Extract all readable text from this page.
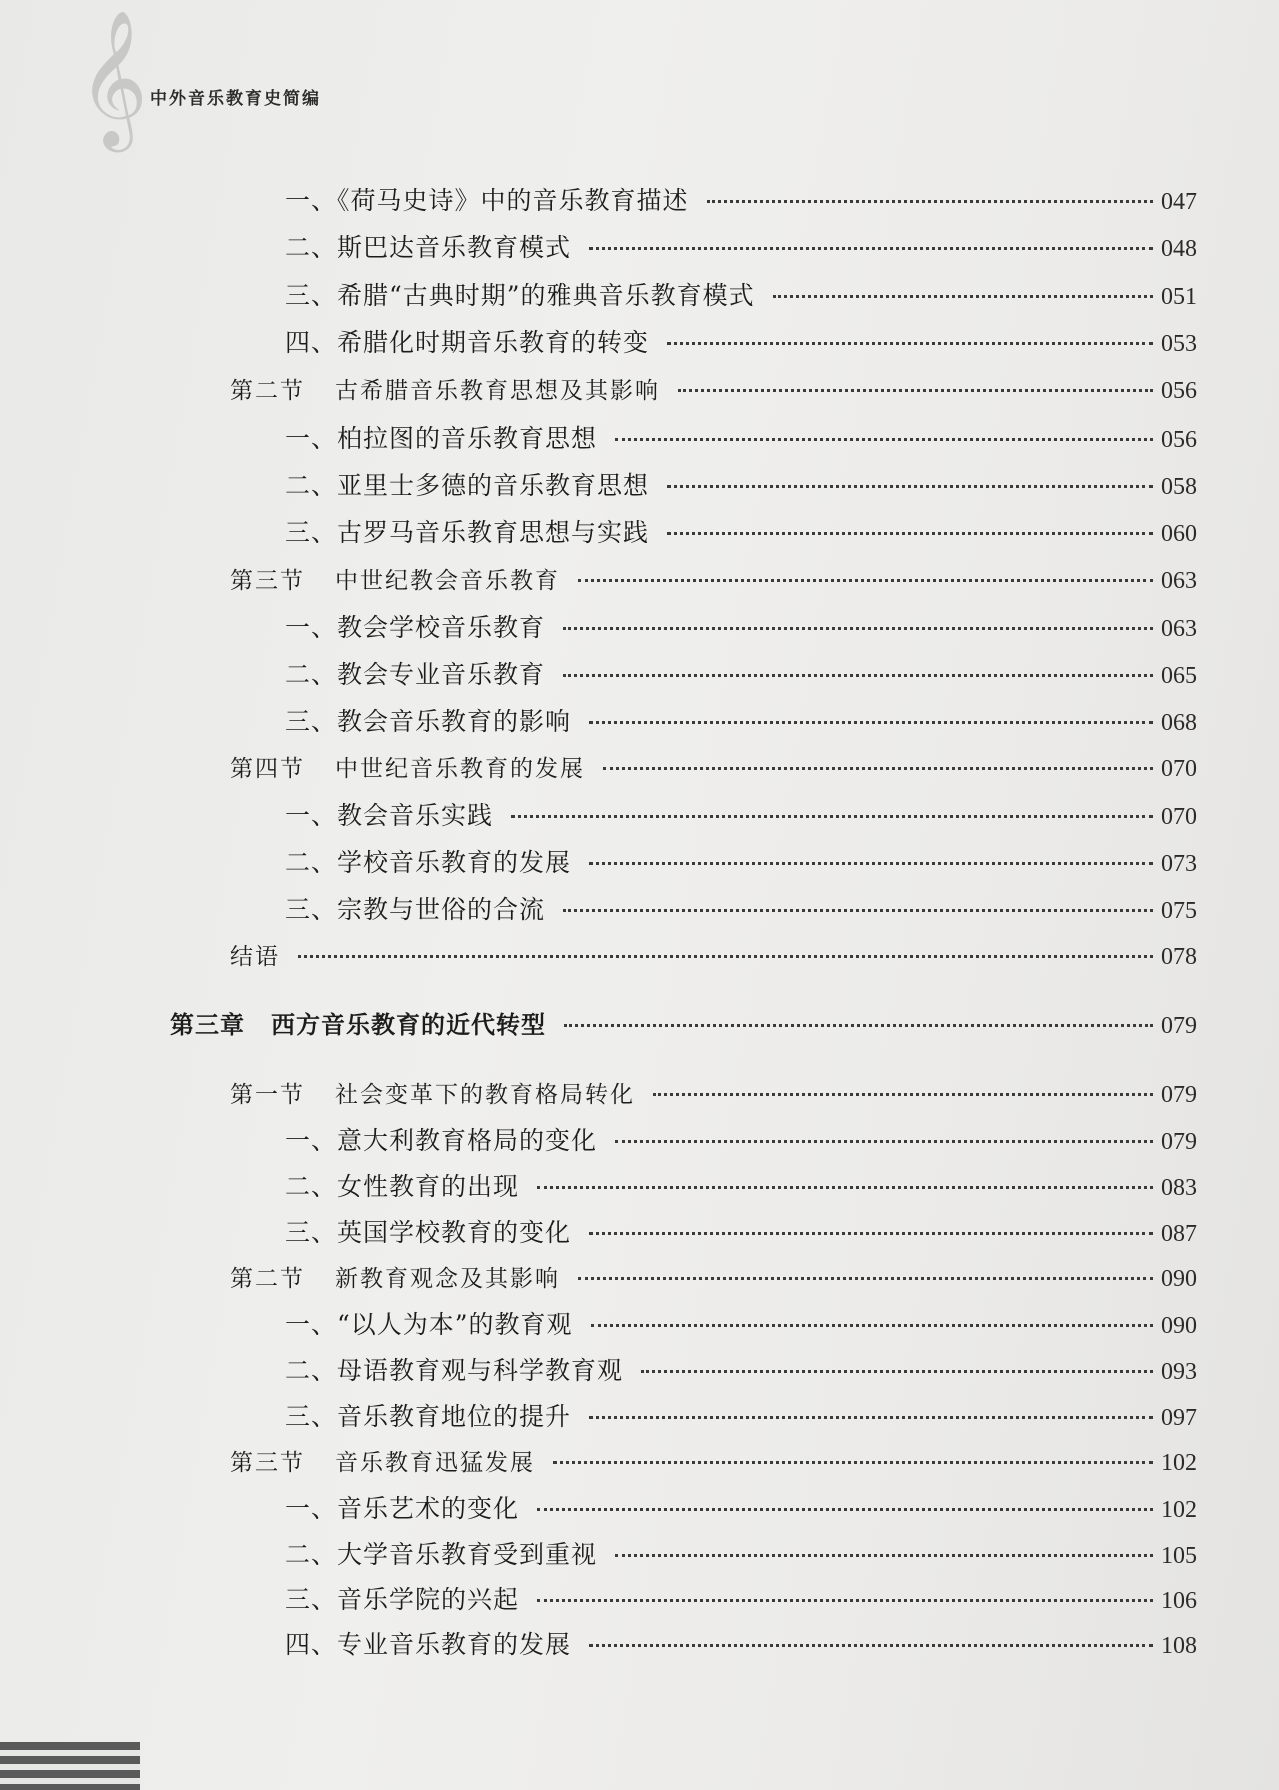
𝄞 中外音乐教育史简编
一、《荷马史诗》中的音乐教育描述	047
二、斯巴达音乐教育模式	048
三、希腊“古典时期”的雅典音乐教育模式	051
四、希腊化时期音乐教育的转变	053
第二节 古希腊音乐教育思想及其影响	056
一、柏拉图的音乐教育思想	056
二、亚里士多德的音乐教育思想	058
三、古罗马音乐教育思想与实践	060
第三节 中世纪教会音乐教育	063
一、教会学校音乐教育	063
二、教会专业音乐教育	065
三、教会音乐教育的影响	068
第四节 中世纪音乐教育的发展	070
一、教会音乐实践	070
二、学校音乐教育的发展	073
三、宗教与世俗的合流	075
结语	078
第三章 西方音乐教育的近代转型	079
第一节 社会变革下的教育格局转化	079
一、意大利教育格局的变化	079
二、女性教育的出现	083
三、英国学校教育的变化	087
第二节 新教育观念及其影响	090
一、“以人为本”的教育观	090
二、母语教育观与科学教育观	093
三、音乐教育地位的提升	097
第三节 音乐教育迅猛发展	102
一、音乐艺术的变化	102
二、大学音乐教育受到重视	105
三、音乐学院的兴起	106
四、专业音乐教育的发展	108
